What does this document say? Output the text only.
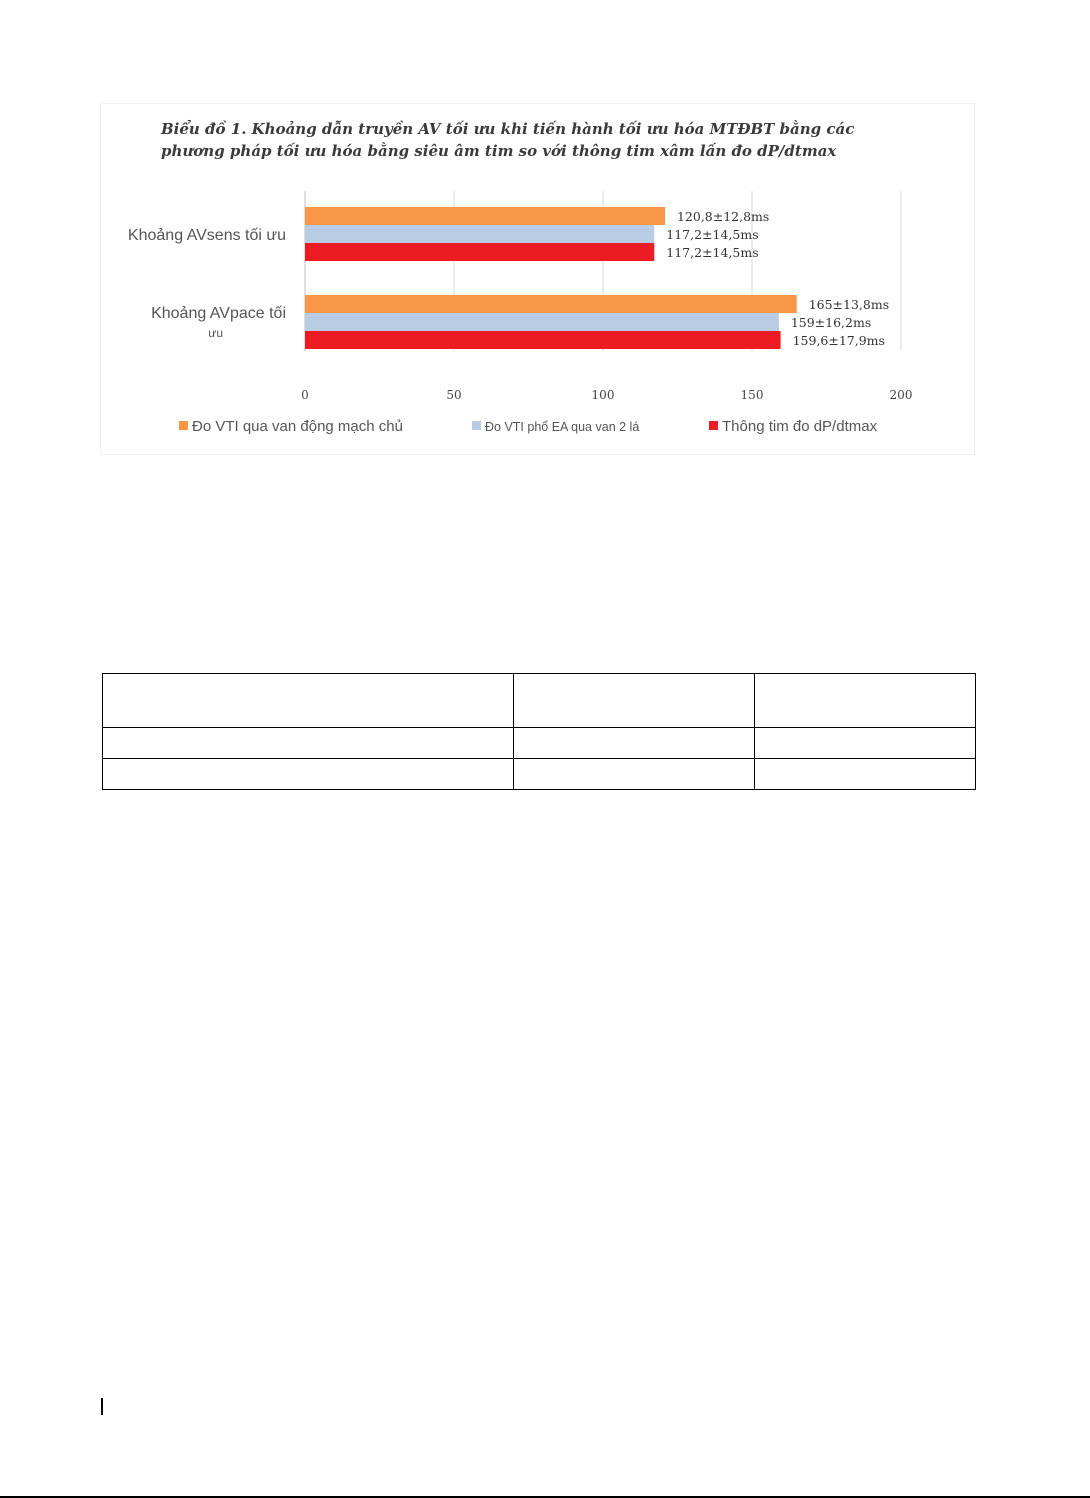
Biểu đồ 1. Khoảng dẫn truyền AV tối ưu khi tiến hành tối ưu hóa MTĐBT bằng các
phương pháp tối ưu hóa bằng siêu âm tim so với thông tim xâm lấn đo dP/dtmax
120,8±12,8ms
165±13,8ms
117,2±14,5ms
159±16,2ms
117,2±14,5ms
159,6±17,9ms
Khoảng AVsens tối ưu
Khoảng AVpace tối ưu
0	50	100	150	200
Đo VTI qua van động mạch chủ	Đo VTI phổ EA qua van 2 lá	Thông tim đo dP/dtmax
